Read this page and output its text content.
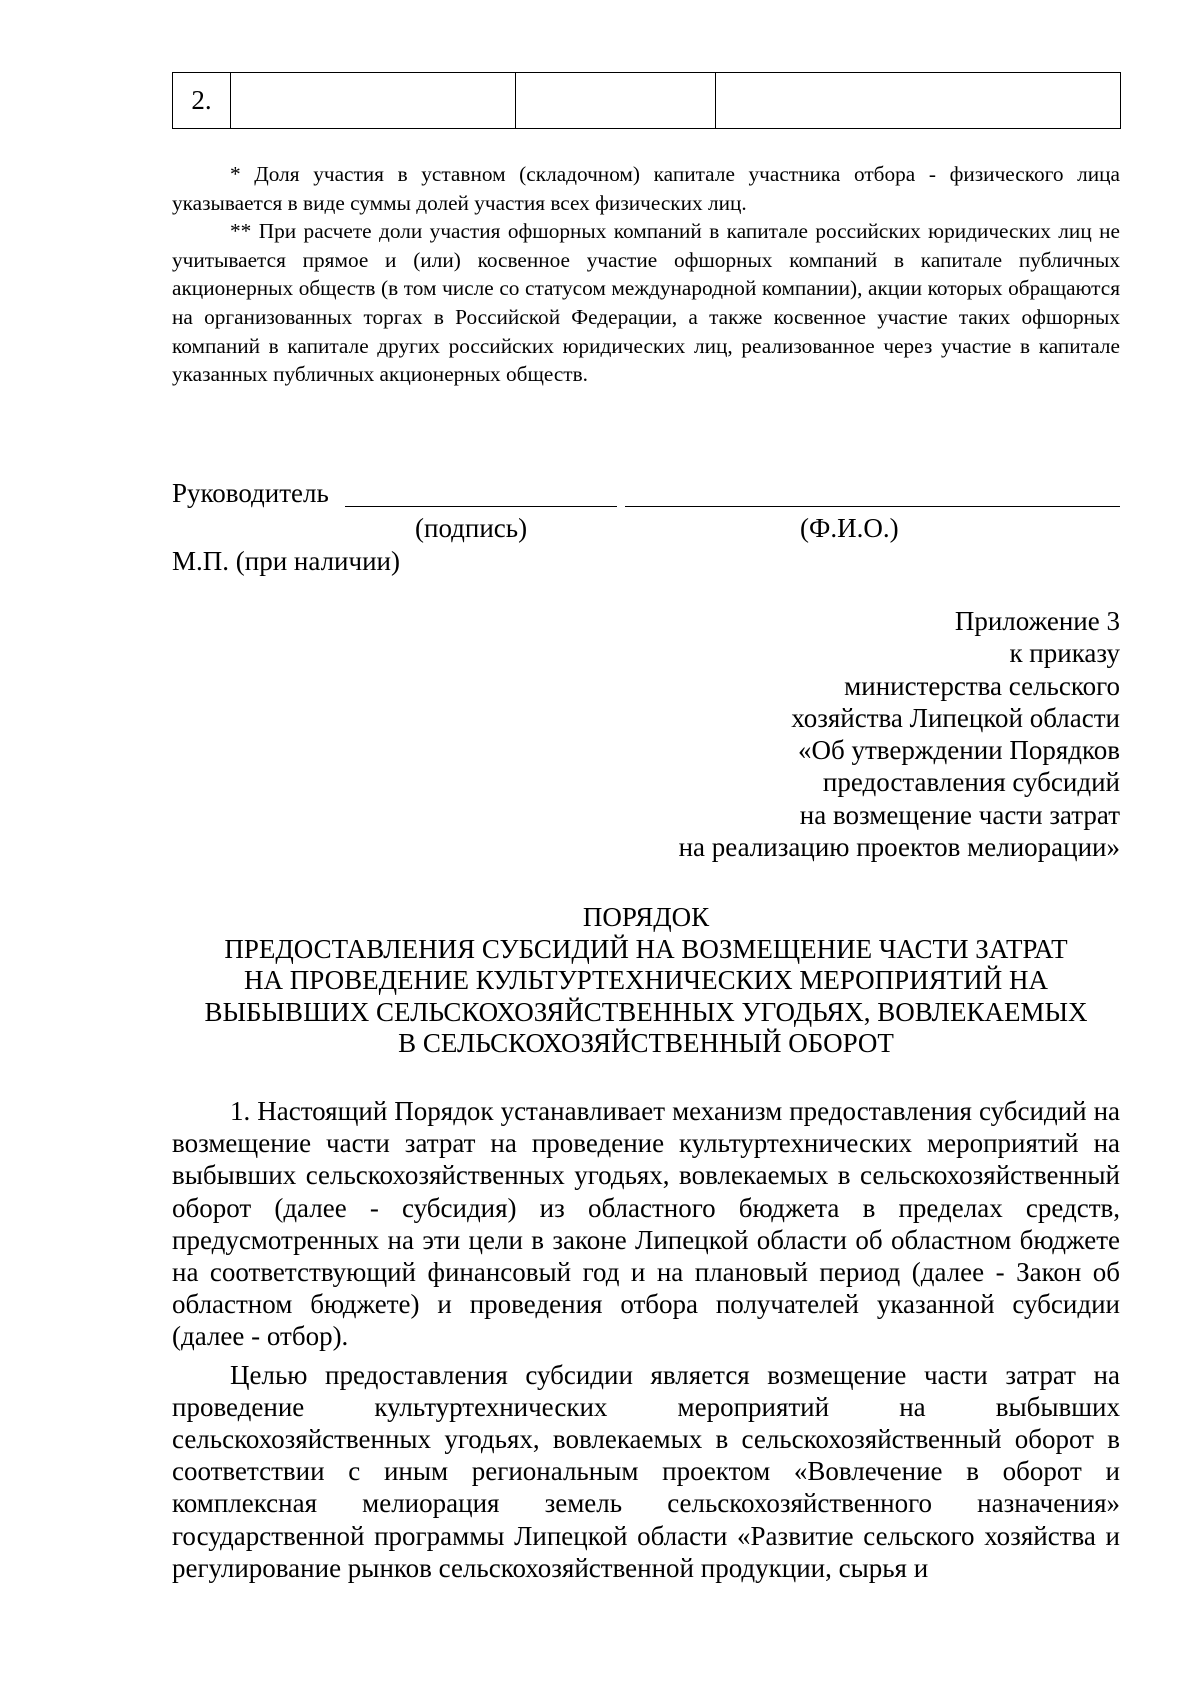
2.			

* Доля участия в уставном (складочном) капитале участника отбора - физического лица указывается в виде суммы долей участия всех физических лиц.

** При расчете доли участия офшорных компаний в капитале российских юридических лиц не учитывается прямое и (или) косвенное участие офшорных компаний в капитале публичных акционерных обществ (в том числе со статусом международной компании), акции которых обращаются на организованных торгах в Российской Федерации, а также косвенное участие таких офшорных компаний в капитале других российских юридических лиц, реализованное через участие в капитале указанных публичных акционерных обществ.

Руководитель
(подпись)	(Ф.И.О.)
М.П. (при наличии)
Приложение 3
к приказу
министерства сельского
хозяйства Липецкой области
«Об утверждении Порядков
предоставления субсидий
на возмещение части затрат
на реализацию проектов мелиорации»
ПОРЯДОК
ПРЕДОСТАВЛЕНИЯ СУБСИДИЙ НА ВОЗМЕЩЕНИЕ ЧАСТИ ЗАТРАТ
НА ПРОВЕДЕНИЕ КУЛЬТУРТЕХНИЧЕСКИХ МЕРОПРИЯТИЙ НА
ВЫБЫВШИХ СЕЛЬСКОХОЗЯЙСТВЕННЫХ УГОДЬЯХ, ВОВЛЕКАЕМЫХ
В СЕЛЬСКОХОЗЯЙСТВЕННЫЙ ОБОРОТ

1. Настоящий Порядок устанавливает механизм предоставления субсидий на возмещение части затрат на проведение культуртехнических мероприятий на выбывших сельскохозяйственных угодьях, вовлекаемых в сельскохозяйственный оборот (далее - субсидия) из областного бюджета в пределах средств, предусмотренных на эти цели в законе Липецкой области об областном бюджете на соответствующий финансовый год и на плановый период (далее - Закон об областном бюджете) и проведения отбора получателей указанной субсидии (далее - отбор).

Целью предоставления субсидии является возмещение части затрат на проведение культуртехнических мероприятий на выбывших сельскохозяйственных угодьях, вовлекаемых в сельскохозяйственный оборот в соответствии с иным региональным проектом «Вовлечение в оборот и комплексная мелиорация земель сельскохозяйственного назначения» государственной программы Липецкой области «Развитие сельского хозяйства и регулирование рынков сельскохозяйственной продукции, сырья и
